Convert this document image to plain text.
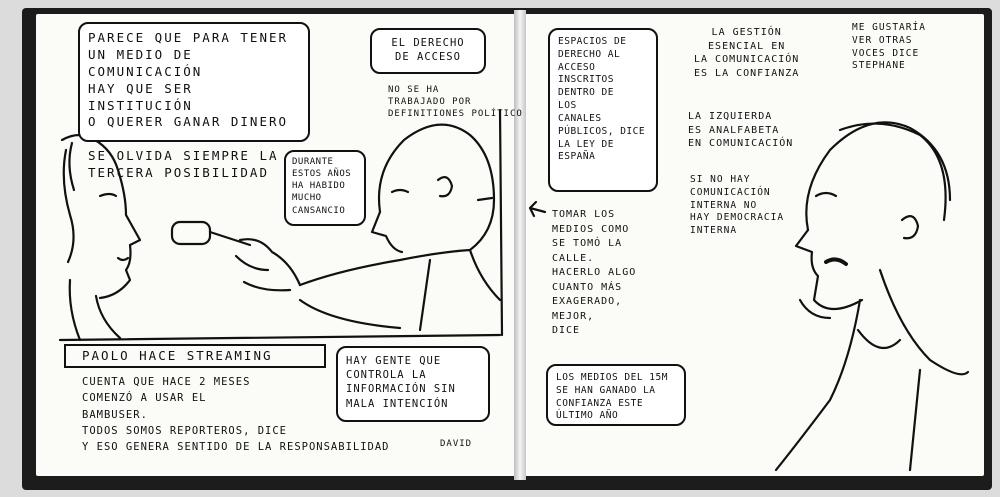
PARECE QUE PARA TENER
UN MEDIO DE COMUNICACIÓN
HAY QUE SER INSTITUCIÓN
O QUERER GANAR DINERO

SE OLVIDA SIEMPRE LA
TERCERA POSIBILIDAD
EL DERECHO
DE ACCESO
NO SE HA
TRABAJADO POR
DEFINITIONES POLÍTICO
DURANTE
ESTOS AÑOS
HA HABIDO
MUCHO
CANSANCIO
PAOLO HACE STREAMING
CUENTA QUE HACE 2 MESES
COMENZÓ A USAR EL
BAMBUSER.
TODOS SOMOS REPORTEROS, DICE
Y ESO GENERA SENTIDO DE LA RESPONSABILIDAD	DAVID
HAY GENTE QUE
CONTROLA LA
INFORMACIÓN SIN
MALA INTENCIÓN
ESPACIOS DE
DERECHO AL
ACCESO
INSCRITOS
DENTRO DE
LOS
CANALES
PÚBLICOS, DICE
LA LEY DE
ESPAÑA
LA GESTIÓN
ESENCIAL EN
LA COMUNICACIÓN
ES LA CONFIANZA
ME GUSTARÍA
VER OTRAS
VOCES DICE
STEPHANE
LA IZQUIERDA
ES ANALFABETA
EN COMUNICACIÓN
SI NO HAY
COMUNICACIÓN
INTERNA NO
HAY DEMOCRACIA
INTERNA
TOMAR LOS
MEDIOS COMO
SE TOMÓ LA
CALLE.
HACERLO ALGO
CUANTO MÁS
EXAGERADO,
MEJOR,
DICE
LOS MEDIOS DEL 15M
SE HAN GANADO LA
CONFIANZA ESTE
ÚLTIMO AÑO
